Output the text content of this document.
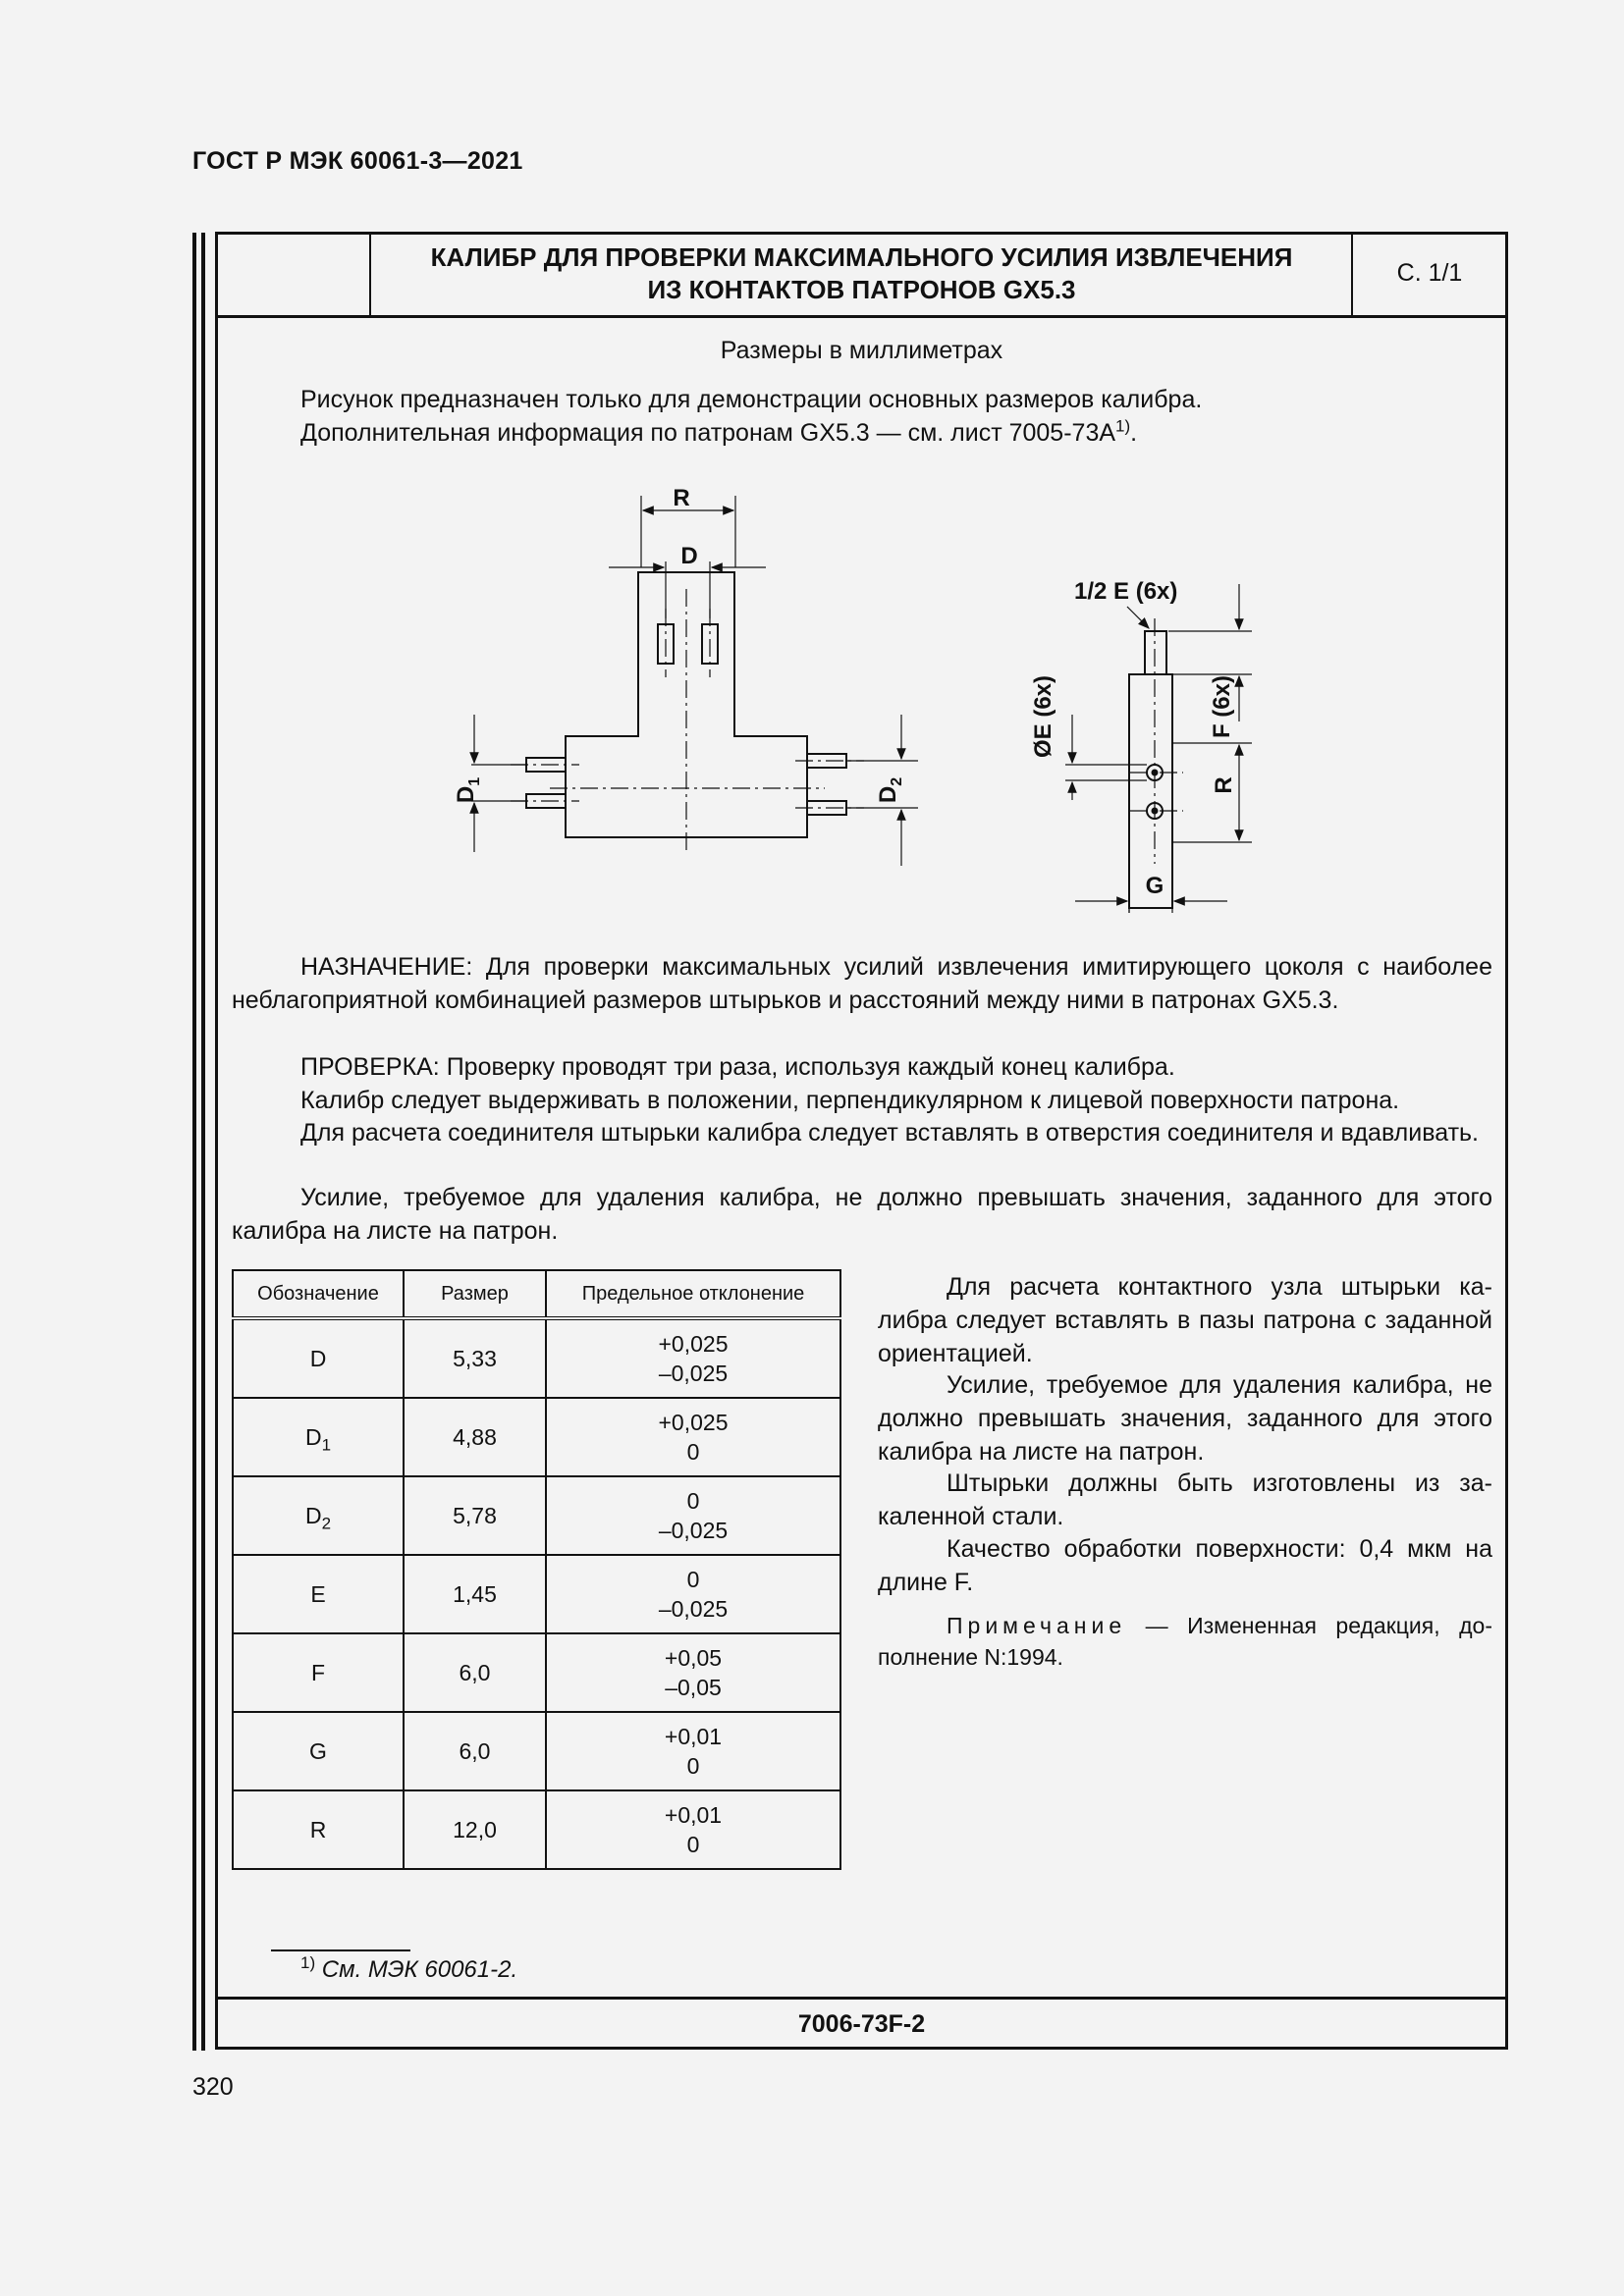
ГОСТ Р МЭК 60061-3—2021
КАЛИБР ДЛЯ ПРОВЕРКИ МАКСИМАЛЬНОГО УСИЛИЯ ИЗВЛЕЧЕНИЯ
ИЗ КОНТАКТОВ ПАТРОНОВ GX5.3
С. 1/1
Размеры в миллиметрах
Рисунок предназначен только для демонстрации основных размеров калибра.
Дополнительная информация по патронам GX5.3 — см. лист $7005-73A^{1)}$.
R
D
$D_1$
$D_2$
1/2 E (6x)
ØE (6x)	F (6x)
R
G
НАЗНАЧЕНИЕ: Для проверки максимальных усилий извлечения имитирующего цоколя с наиболее неблагоприятной комбинацией размеров штырьков и расстояний между ними в патронах GX5.3.
ПРОВЕРКА: Проверку проводят три раза, используя каждый конец калибра.
Калибр следует выдерживать в положении, перпендикулярном к лицевой поверхности патрона.
Для расчета соединителя штырьки калибра следует вставлять в отверстия соединителя и вдавливать.
Усилие, требуемое для удаления калибра, не должно превышать значения, заданного для этого калибра на листе на патрон.
Обозначение	Размер	Предельное отклонение
D	5,33	+0,025
–0,025

$D_1$	4,88	+0,025
0

$D_2$	5,78	0
–0,025

E	1,45	0
–0,025

F	6,0	+0,05
–0,05

G	6,0	+0,01
0

R	12,0	+0,01
0
Для расчета контактного узла штырьки калибра следует вставлять в пазы патрона с заданной ориентацией.
Усилие, требуемое для удаления калибра, не должно превышать значения, заданного для этого калибра на листе на патрон.
Штырьки должны быть изготовлены из закаленной стали.
Качество обработки поверхности: 0,4 мкм на длине F.
Примечание — Измененная редакция, дополнение N:1994.
$^{1)}$ См. МЭК 60061-2.
7006-73F-2
320
